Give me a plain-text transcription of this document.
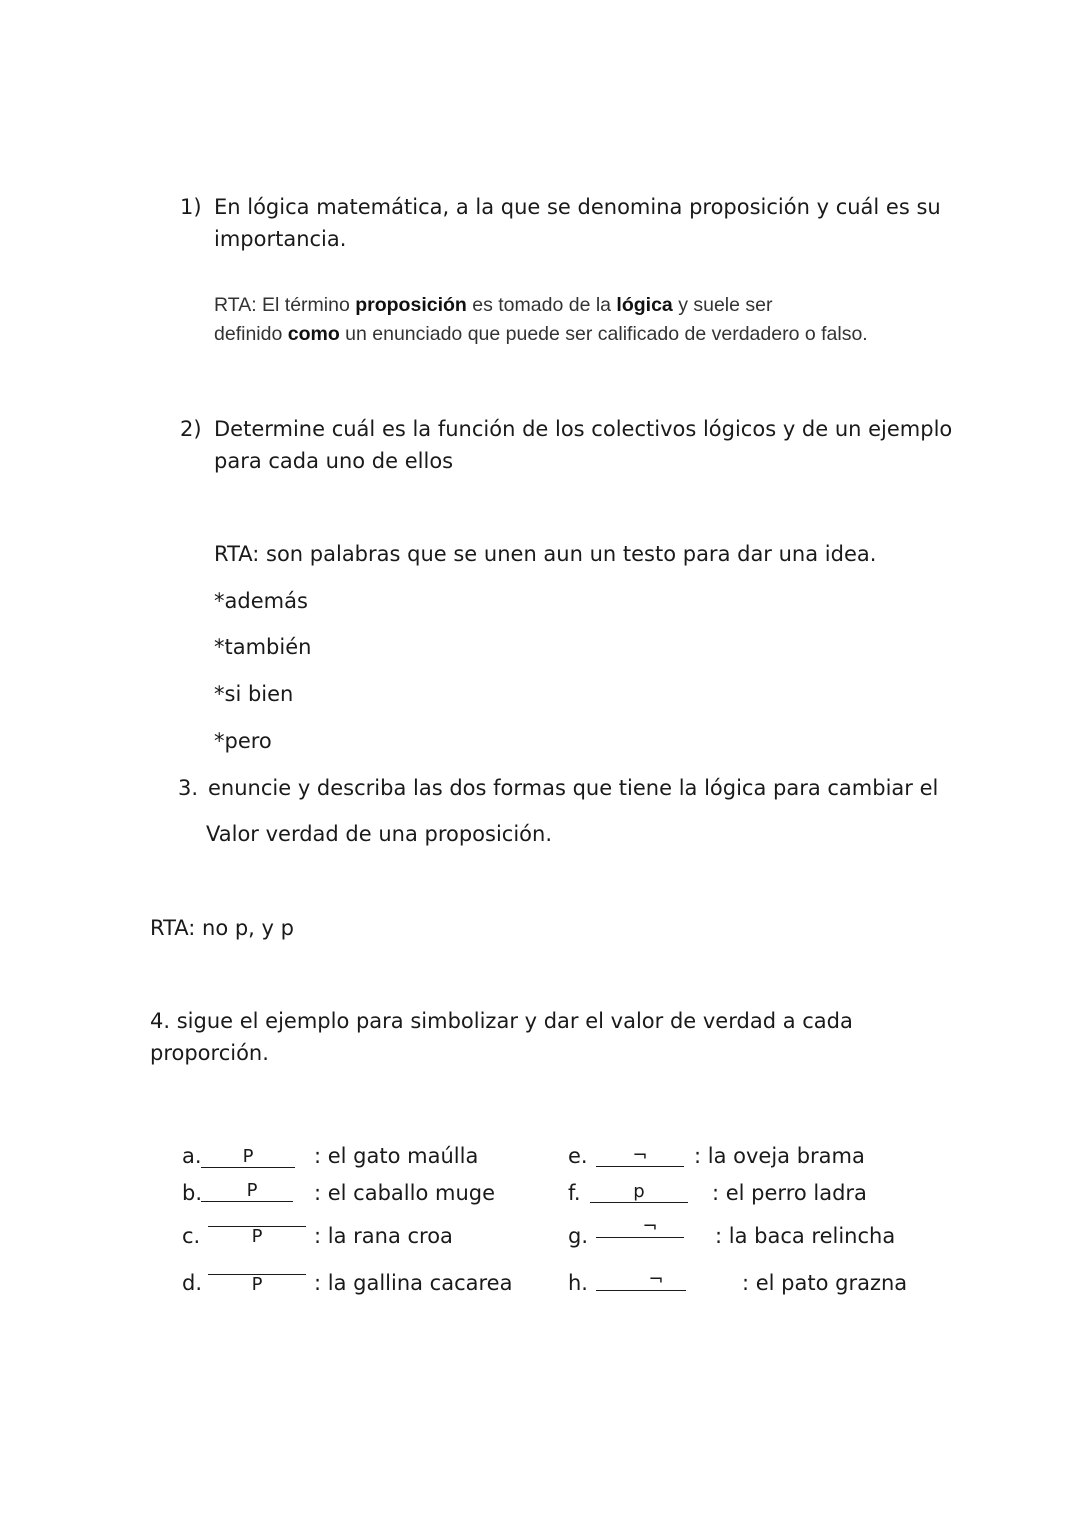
1) En lógica matemática, a la que se denomina proposición y cuál es su
importancia.
RTA: El término proposición es tomado de la lógica y suele ser
definido como un enunciado que puede ser calificado de verdadero o falso.
2) Determine cuál es la función de los colectivos lógicos y de un ejemplo
para cada uno de ellos
RTA: son palabras que se unen aun un testo para dar una idea.
*además
*también
*si bien
*pero
3. enuncie y describa las dos formas que tiene la lógica para cambiar el
Valor verdad de una proposición.
RTA: no p, y p
4. sigue el ejemplo para simbolizar y dar el valor de verdad a cada
proporción.
a.	P	: el gato maúlla
b.	P	: el caballo muge
c.	P	: la rana croa
d.	P	: la gallina cacarea
e.	¬	: la oveja brama
f.	p	: el perro ladra
g.	¬	: la baca relincha
h.	¬	: el pato grazna
